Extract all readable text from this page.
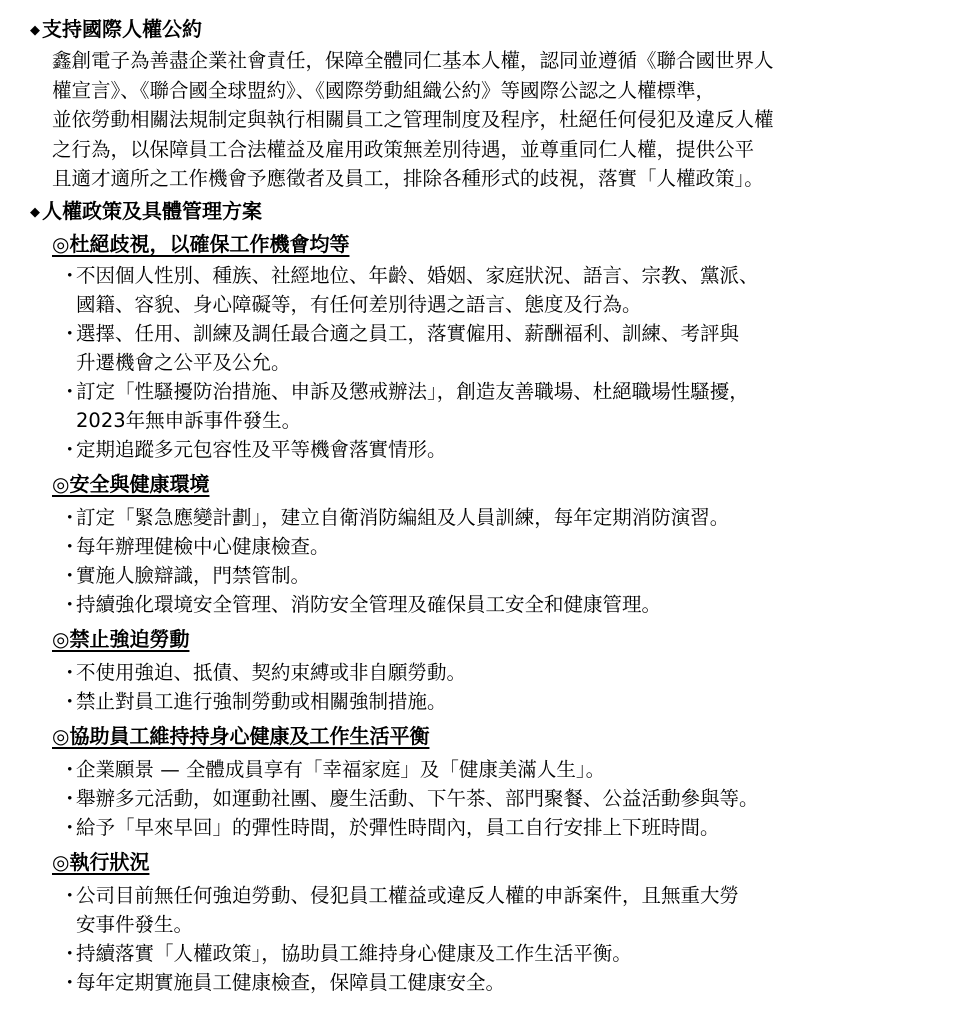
◆ 支持國際人權公約
鑫創電子為善盡企業社會責任，保障全體同仁基本人權，認同並遵循《聯合國世界人
權宣言》、《聯合國全球盟約》、《國際勞動組織公約》等國際公認之人權標準，
並依勞動相關法規制定與執行相關員工之管理制度及程序，杜絕任何侵犯及違反人權
之行為，以保障員工合法權益及雇用政策無差別待遇，並尊重同仁人權，提供公平
且適才適所之工作機會予應徵者及員工，排除各種形式的歧視，落實「人權政策」。
◆ 人權政策及具體管理方案
◎杜絕歧視，以確保工作機會均等
・
不因個人性別、種族、社經地位、年齡、婚姻、家庭狀況、語言、宗教、黨派、
國籍、容貌、身心障礙等，有任何差別待遇之語言、態度及行為。
・
選擇、任用、訓練及調任最合適之員工，落實僱用、薪酬福利、訓練、考評與
升遷機會之公平及公允。
・
訂定「性騷擾防治措施、申訴及懲戒辦法」，創造友善職場、杜絕職場性騷擾，
2023年無申訴事件發生。
・
定期追蹤多元包容性及平等機會落實情形。
◎安全與健康環境
・
訂定「緊急應變計劃」，建立自衛消防編組及人員訓練，每年定期消防演習。
・
每年辦理健檢中心健康檢查。
・
實施人臉辯識，門禁管制。
・
持續強化環境安全管理、消防安全管理及確保員工安全和健康管理。
◎禁止強迫勞動
・
不使用強迫、抵債、契約束縛或非自願勞動。
・
禁止對員工進行強制勞動或相關強制措施。
◎協助員工維持持身心健康及工作生活平衡
・
企業願景 — 全體成員享有「幸福家庭」及「健康美滿人生」。
・
舉辦多元活動，如運動社團、慶生活動、下午茶、部門聚餐、公益活動參與等。
・
給予「早來早回」的彈性時間，於彈性時間內，員工自行安排上下班時間。
◎執行狀況
・
公司目前無任何強迫勞動、侵犯員工權益或違反人權的申訴案件，且無重大勞
安事件發生。
・
持續落實「人權政策」，協助員工維持身心健康及工作生活平衡。
・
每年定期實施員工健康檢查，保障員工健康安全。
